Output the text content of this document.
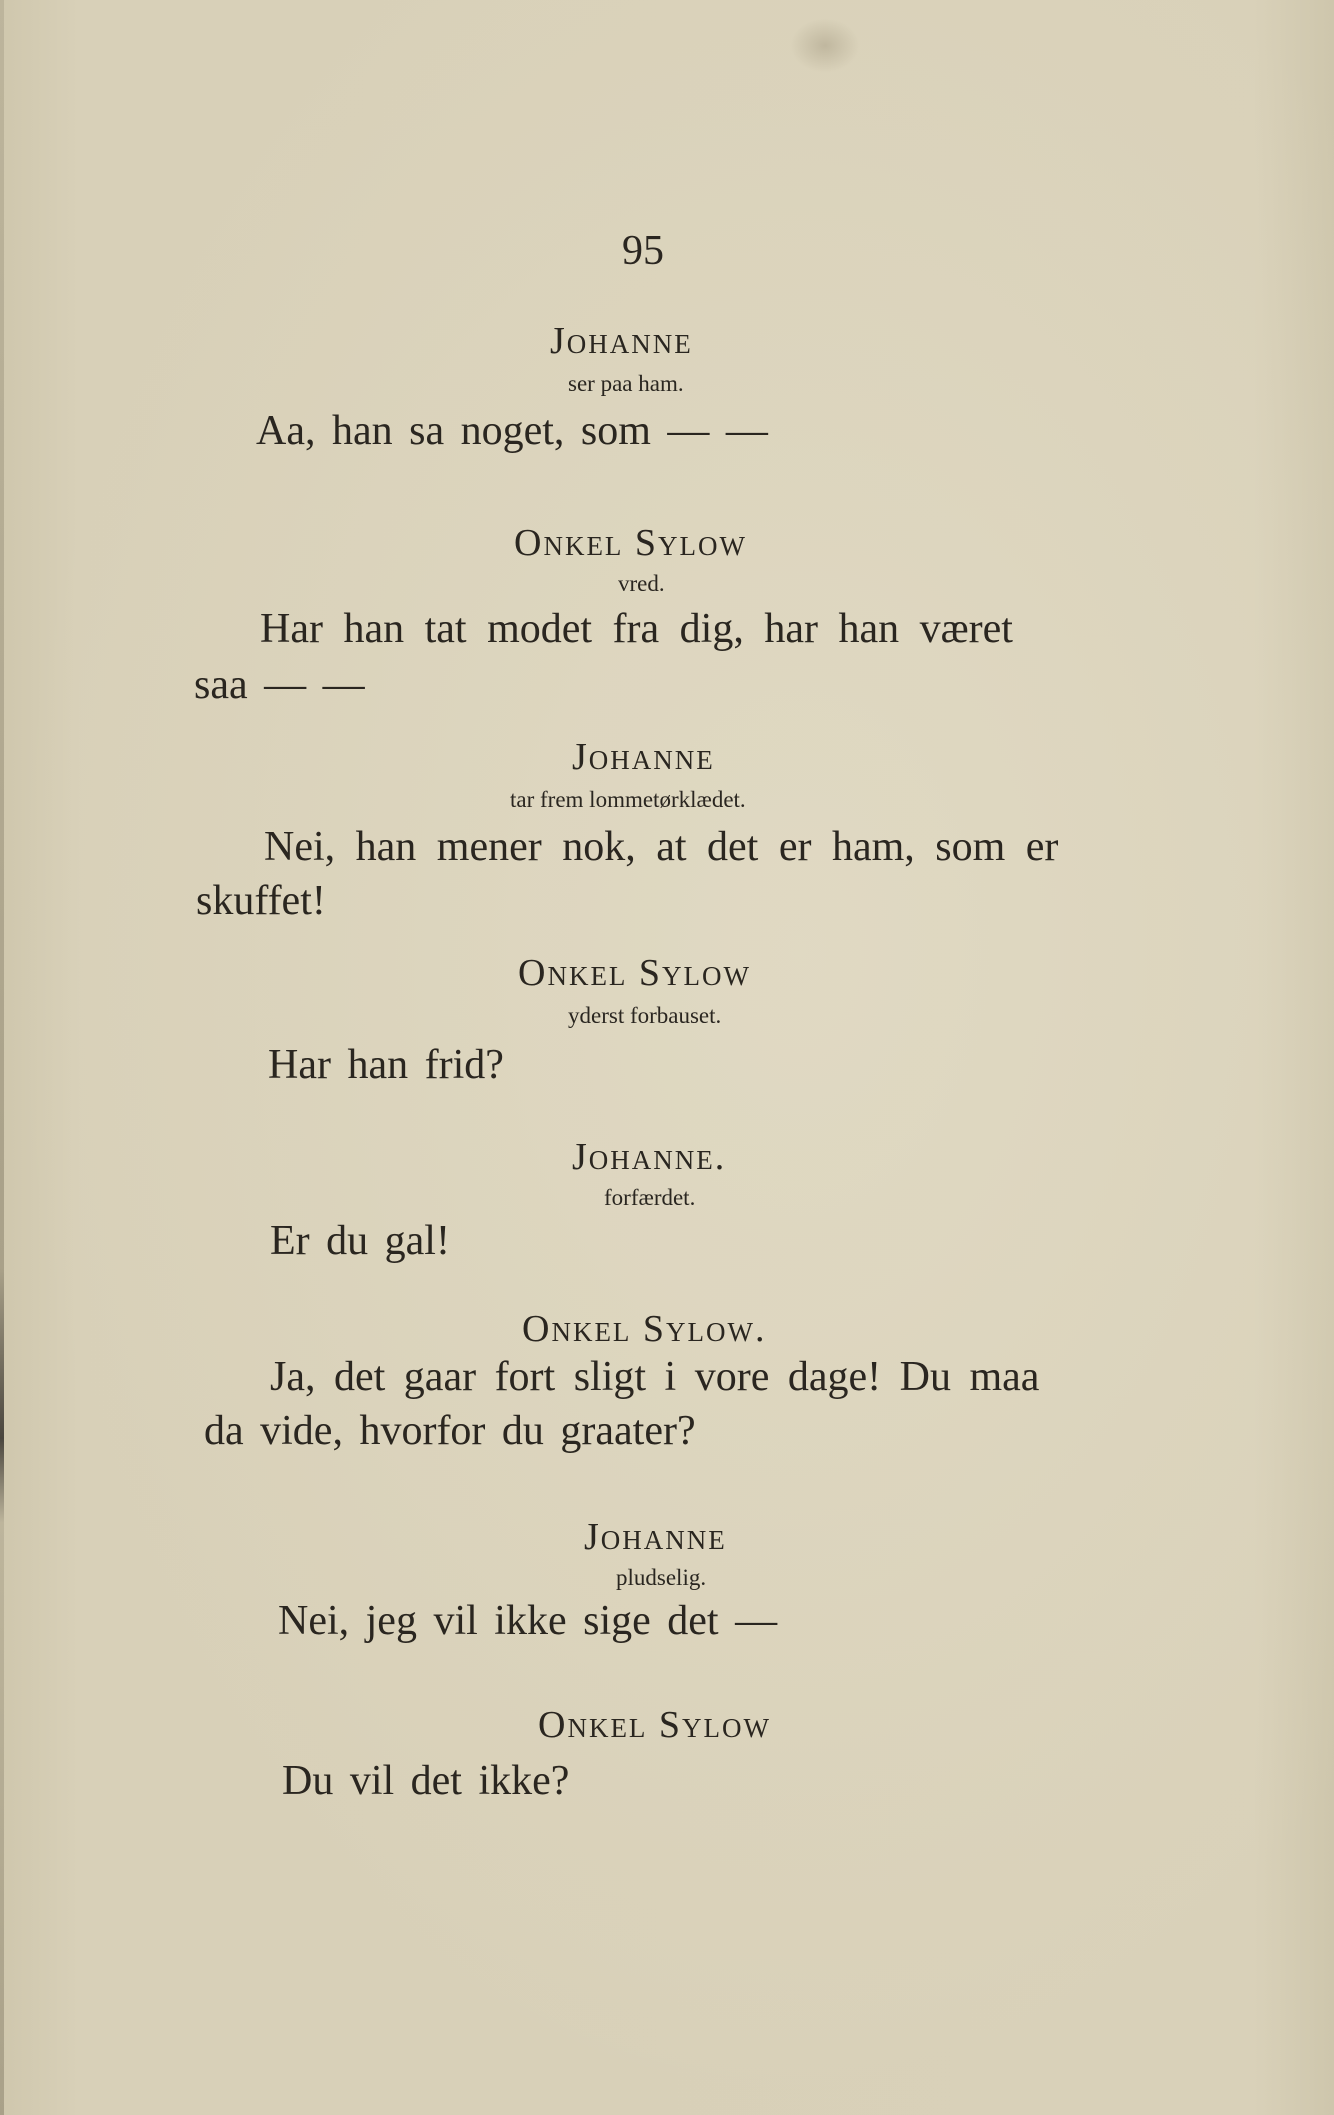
95
Johanne
ser paa ham.
Aa, han sa noget, som — —
Onkel Sylow
vred.
Har han tat modet fra dig, har han været
saa — —
Johanne
tar frem lommetørklædet.
Nei, han mener nok, at det er ham, som er
skuffet!
Onkel Sylow
yderst forbauset.
Har han frid?
Johanne.
forfærdet.
Er du gal!
Onkel Sylow.
Ja, det gaar fort sligt i vore dage! Du maa
da vide, hvorfor du graater?
Johanne
pludselig.
Nei, jeg vil ikke sige det —
Onkel Sylow
Du vil det ikke?
